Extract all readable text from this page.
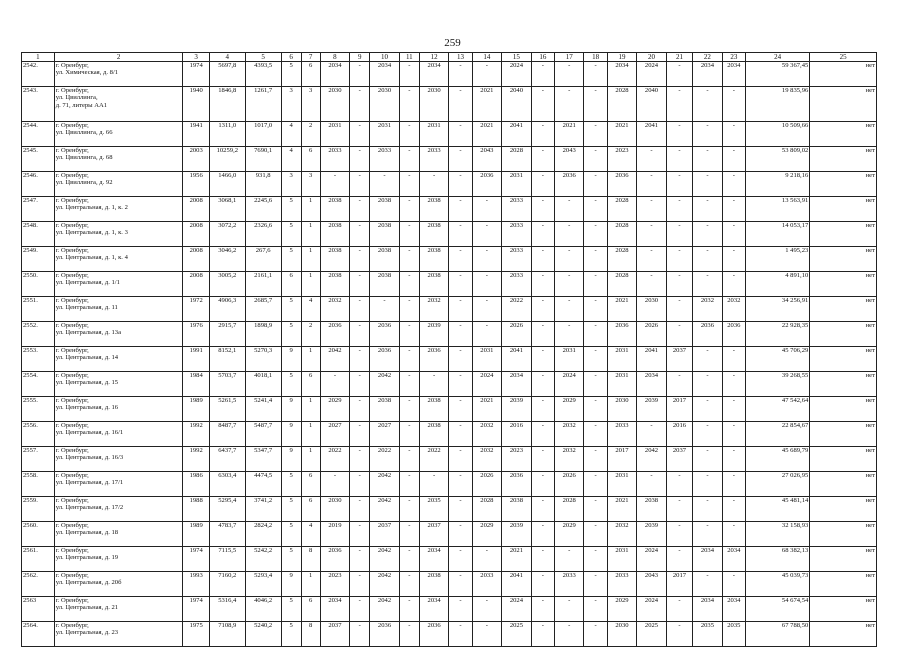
259
1	2	3	4	5	6	7	8	9	10	11	12	13	14	15	16	17	18	19	20	21	22	23	24	25
2542.	г. Оренбург,
ул. Химическая, д. 8/1	1974	5697,8	4393,5	5	6	2034	-	2034	-	2034	-	-	2024	-	-	-	2034	2024	-	2034	2034	59 367,45	нет
2543.	г. Оренбург,
ул. Цвиллинга,
д. 71, литеры АА1	1940	1846,8	1261,7	3	3	2030	-	2030	-	2030	-	2021	2040	-	-	-	2028	2040	-	-	-	19 835,96	нет
2544.	г. Оренбург,
ул. Цвиллинга, д. 66	1941	1311,0	1017,0	4	2	2031	-	2031	-	2031	-	2021	2041	-	2021	-	2021	2041	-	-	-	10 509,66	нет
2545.	г. Оренбург,
ул. Цвиллинга, д. 68	2003	10259,2	7690,1	4	6	2033	-	2033	-	2033	-	2043	2028	-	2043	-	2023	-	-	-	-	53 809,02	нет
2546.	г. Оренбург,
ул. Цвиллинга, д. 92	1956	1466,0	931,8	3	3	-	-	-	-	-	-	2036	2031	-	2036	-	2036	-	-	-	-	9 218,16	нет
2547.	г. Оренбург,
ул. Центральная, д. 1, к. 2	2008	3068,1	2245,6	5	1	2038	-	2038	-	2038	-	-	2033	-	-	-	2028	-	-	-	-	13 563,91	нет
2548.	г. Оренбург,
ул. Центральная, д. 1, к. 3	2008	3072,2	2326,6	5	1	2038	-	2038	-	2038	-	-	2033	-	-	-	2028	-	-	-	-	14 053,17	нет
2549.	г. Оренбург,
ул. Центральная, д. 1, к. 4	2008	3046,2	267,6	5	1	2038	-	2038	-	2038	-	-	2033	-	-	-	2028	-	-	-	-	1 495,23	нет
2550.	г. Оренбург,
ул. Центральная, д. 1/1	2008	3005,2	2161,1	6	1	2038	-	2038	-	2038	-	-	2033	-	-	-	2028	-	-	-	-	4 891,10	нет
2551.	г. Оренбург,
ул. Центральная, д. 11	1972	4906,3	2685,7	5	4	2032	-	-	-	2032	-	-	2022	-	-	-	2021	2030	-	2032	2032	34 256,91	нет
2552.	г. Оренбург,
ул. Центральная, д. 13а	1976	2915,7	1898,9	5	2	2036	-	2036	-	2039	-	-	2026	-	-	-	2036	2026	-	2036	2036	22 928,35	нет
2553.	г. Оренбург,
ул. Центральная, д. 14	1991	8152,1	5270,3	9	1	2042	-	2036	-	2036	-	2031	2041	-	2031	-	2031	2041	2037	-	-	45 706,29	нет
2554.	г. Оренбург,
ул. Центральная, д. 15	1984	5703,7	4018,1	5	6	-	-	2042	-	-	-	2024	2034	-	2024	-	2031	2034	-	-	-	39 268,55	нет
2555.	г. Оренбург,
ул. Центральная, д. 16	1989	5261,5	5241,4	9	1	2029	-	2038	-	2038	-	2021	2039	-	2029	-	2030	2039	2017	-	-	47 542,64	нет
2556.	г. Оренбург,
ул. Центральная, д. 16/1	1992	8487,7	5487,7	9	1	2027	-	2027	-	2038	-	2032	2016	-	2032	-	2033	-	2016	-	-	22 854,67	нет
2557.	г. Оренбург,
ул. Центральная, д. 16/3	1992	6437,7	5347,7	9	1	2022	-	2022	-	2022	-	2032	2023	-	2032	-	2017	2042	2037	-	-	45 689,79	нет
2558.	г. Оренбург,
ул. Центральная, д. 17/1	1986	6303,4	4474,5	5	6	-	-	2042	-	-	-	2026	2036	-	2026	-	2031	-	-	-	-	27 026,95	нет
2559.	г. Оренбург,
ул. Центральная, д. 17/2	1988	5295,4	3741,2	5	6	2030	-	2042	-	2035	-	2028	2038	-	2028	-	2021	2038	-	-	-	45 481,14	нет
2560.	г. Оренбург,
ул. Центральная, д. 18	1989	4783,7	2824,2	5	4	2019	-	2037	-	2037	-	2029	2039	-	2029	-	2032	2039	-	-	-	32 158,93	нет
2561.	г. Оренбург,
ул. Центральная, д. 19	1974	7115,5	5242,2	5	8	2036	-	2042	-	2034	-	-	2021	-	-	-	2031	2024	-	2034	2034	68 382,13	нет
2562.	г. Оренбург,
ул. Центральная, д. 20б	1993	7160,2	5293,4	9	1	2023	-	2042	-	2038	-	2033	2041	-	2033	-	2033	2043	2017	-	-	45 039,73	нет
2563	г. Оренбург,
ул. Центральная, д. 21	1974	5316,4	4046,2	5	6	2034	-	2042	-	2034	-	-	2024	-	-	-	2029	2024	-	2034	2034	54 674,54	нет
2564.	г. Оренбург,
ул. Центральная, д. 23	1975	7108,9	5240,2	5	8	2037	-	2036	-	2036	-	-	2025	-	-	-	2030	2025	-	2035	2035	67 788,50	нет
